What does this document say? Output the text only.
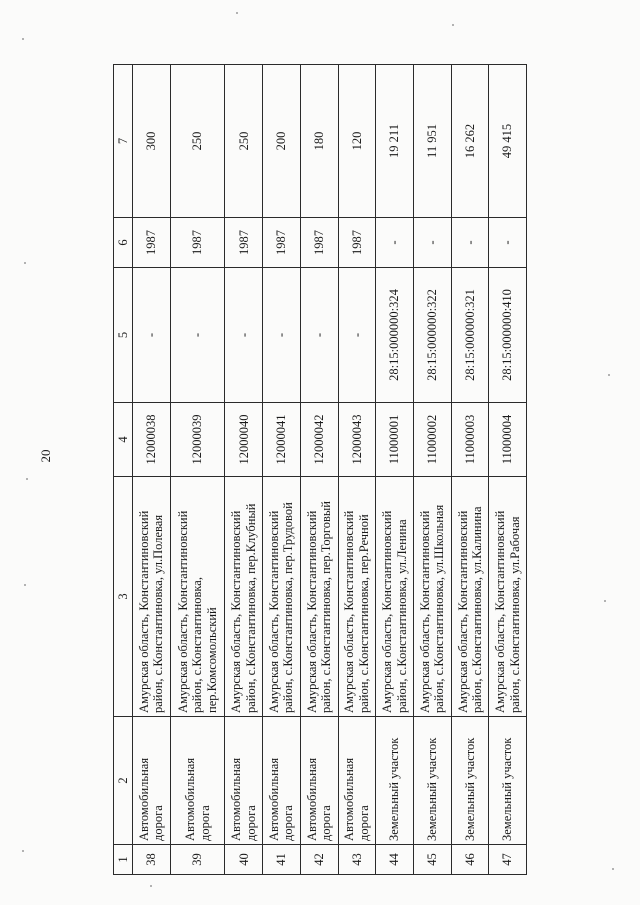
20
1	2	3	4	5	6	7
38	Автомобильная дорога	Амурская область, Константиновский район, с.Константиновка, ул.Полевая	12000038	-	1987	300
39	Автомобильная дорога	Амурская область, Константиновский район, с.Константиновка, пер.Комсомольский	12000039	-	1987	250
40	Автомобильная дорога	Амурская область, Константиновский район, с.Константиновка, пер.Клубный	12000040	-	1987	250
41	Автомобильная дорога	Амурская область, Константиновский район, с.Константиновка, пер.Трудовой	12000041	-	1987	200
42	Автомобильная дорога	Амурская область, Константиновский район, с.Константиновка, пер.Торговый	12000042	-	1987	180
43	Автомобильная дорога	Амурская область, Константиновский район, с.Константиновка, пер.Речной	12000043	-	1987	120
44	Земельный участок	Амурская область, Константиновский район, с.Константиновка, ул.Ленина	11000001	28:15:000000:324	-	19 211
45	Земельный участок	Амурская область, Константиновский район, с.Константиновка, ул.Школьная	11000002	28:15:000000:322	-	11 951
46	Земельный участок	Амурская область, Константиновский район, с.Константиновка, ул.Калинина	11000003	28:15:000000:321	-	16 262
47	Земельный участок	Амурская область, Константиновский район, с.Константиновка, ул.Рабочая	11000004	28:15:000000:410	-	49 415
